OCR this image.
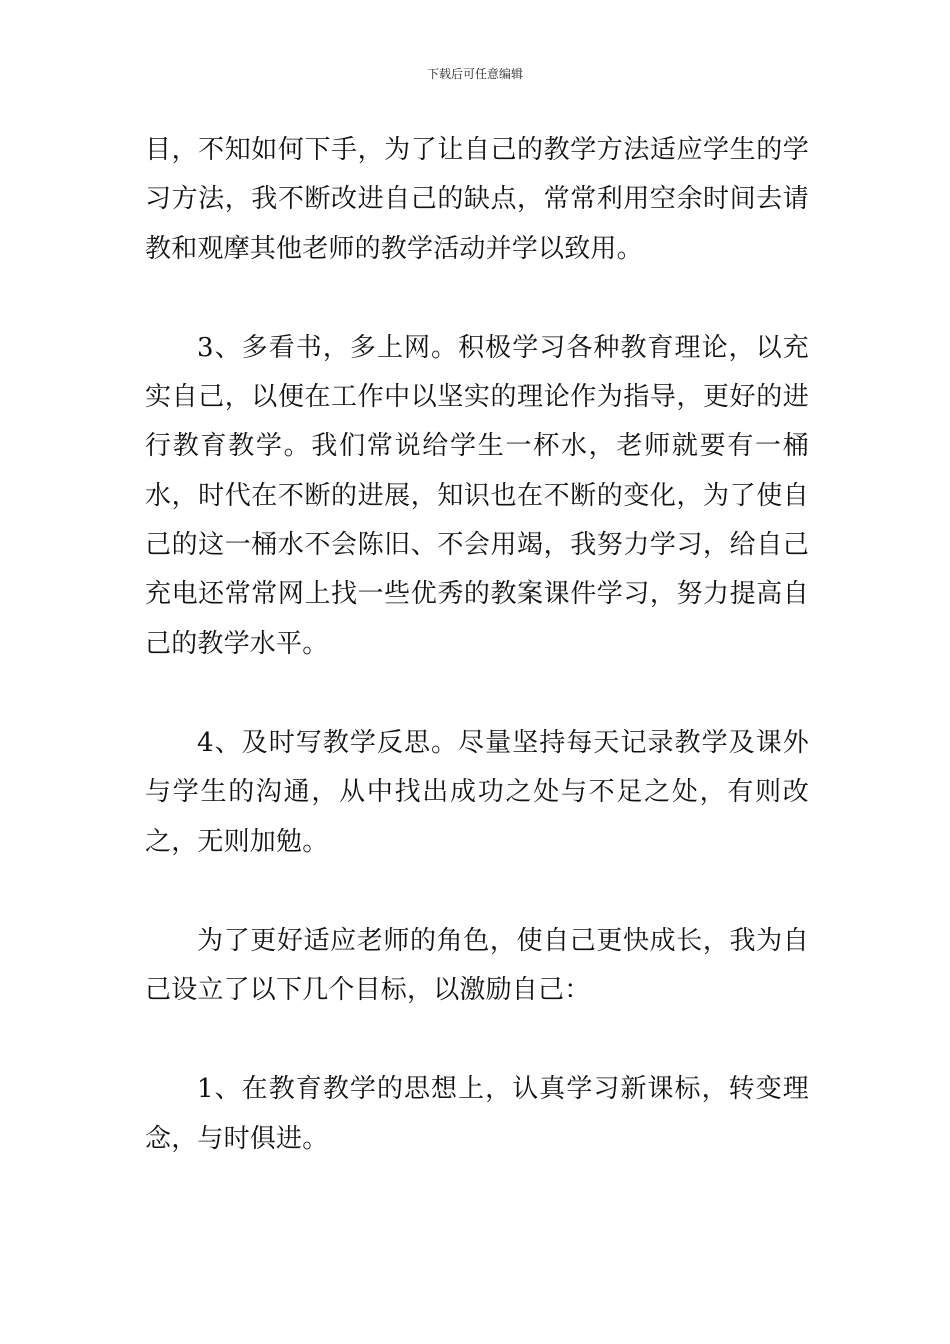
下载后可任意编辑

目，不知如何下手，为了让自己的教学方法适应学生的学习方法，我不断改进自己的缺点，常常利用空余时间去请教和观摩其他老师的教学活动并学以致用。

3、多看书，多上网。积极学习各种教育理论，以充实自己，以便在工作中以坚实的理论作为指导，更好的进行教育教学。我们常说给学生一杯水，老师就要有一桶水，时代在不断的进展，知识也在不断的变化，为了使自己的这一桶水不会陈旧、不会用竭，我努力学习，给自己充电还常常网上找一些优秀的教案课件学习，努力提高自己的教学水平。

4、及时写教学反思。尽量坚持每天记录教学及课外与学生的沟通，从中找出成功之处与不足之处，有则改之，无则加勉。

为了更好适应老师的角色，使自己更快成长，我为自己设立了以下几个目标，以激励自己：

1、在教育教学的思想上，认真学习新课标，转变理念，与时俱进。
